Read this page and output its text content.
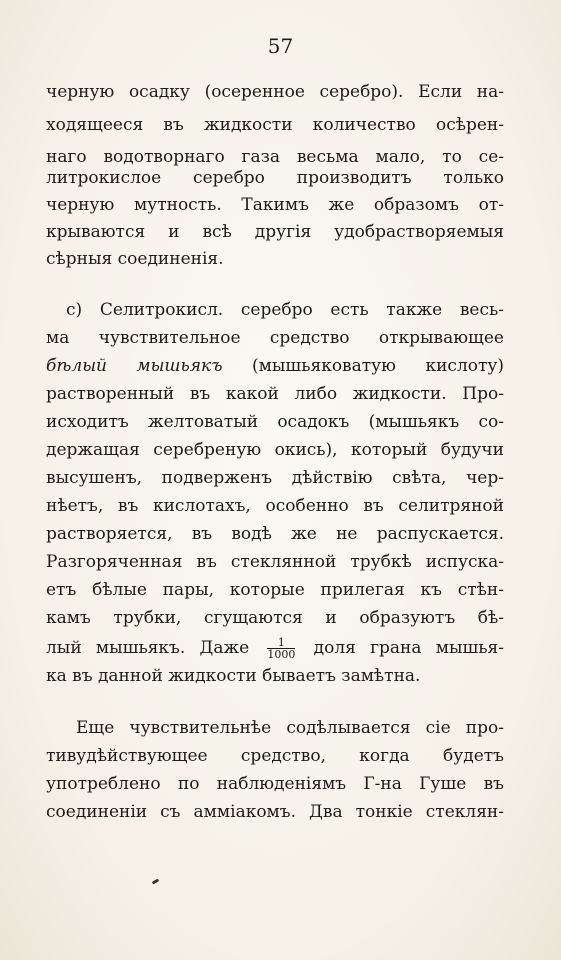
57
черную осадку (осеренное серебро). Если на-
ходящееся въ жидкости количество осѣрен-
наго водотворнаго газа весьма мало, то се-
литрокислое серебро производитъ только
черную мутность. Такимъ же образомъ от-
крываются и всѣ другія удобрастворяемыя
сѣрныя соединенія.
с) Селитрокисл. серебро есть также весь-
ма чувствительное средство открывающее
бѣлый мышьякъ (мышьяковатую кислоту)
растворенный въ какой либо жидкости. Про-
исходитъ желтоватый осадокъ (мышьякъ со-
держащая серебреную окись), который будучи
высушенъ, подверженъ дѣйствію свѣта, чер-
нѣетъ, въ кислотахъ, особенно въ селитряной
растворяется, въ водѣ же не распускается.
Разгоряченная въ стеклянной трубкѣ испуска-
етъ бѣлые пары, которые прилегая къ стѣн-
камъ трубки, сгущаются и образуютъ бѣ-
лый мышьякъ. Даже $\frac{1}{1000}$ доля грана мышья-
ка въ данной жидкости бываетъ замѣтна.
Еще чувствительнѣе содѣлывается сіе про-
тивудѣйствующее средство, когда будетъ
употреблено по наблюденіямъ Г-на Гуше въ
соединеніи съ аммiакомъ. Два тонкіе стеклян-
